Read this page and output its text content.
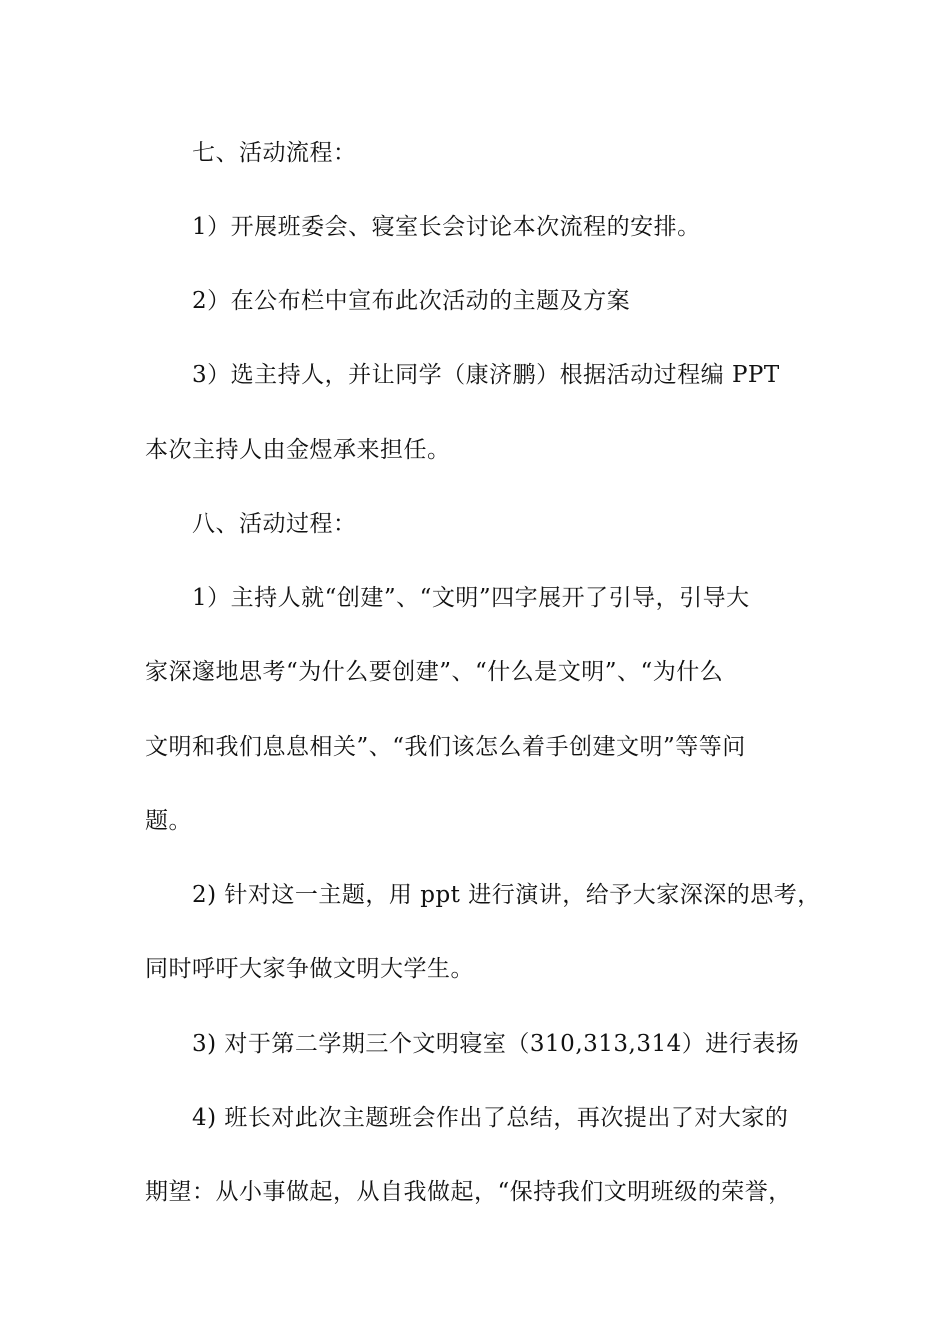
七、活动流程：
1）开展班委会、寝室长会讨论本次流程的安排。
2）在公布栏中宣布此次活动的主题及方案
3）选主持人，并让同学（康济鹏）根据活动过程编 PPT
本次主持人由金煜承来担任。
八、活动过程：
1）主持人就“创建”、“文明”四字展开了引导，引导大
家深邃地思考“为什么要创建”、“什么是文明”、“为什么
文明和我们息息相关”、“我们该怎么着手创建文明”等等问
题。
2) 针对这一主题，用 ppt 进行演讲，给予大家深深的思考，
同时呼吁大家争做文明大学生。
3) 对于第二学期三个文明寝室（310,313,314）进行表扬
4) 班长对此次主题班会作出了总结，再次提出了对大家的
期望：从小事做起，从自我做起，“保持我们文明班级的荣誉，
